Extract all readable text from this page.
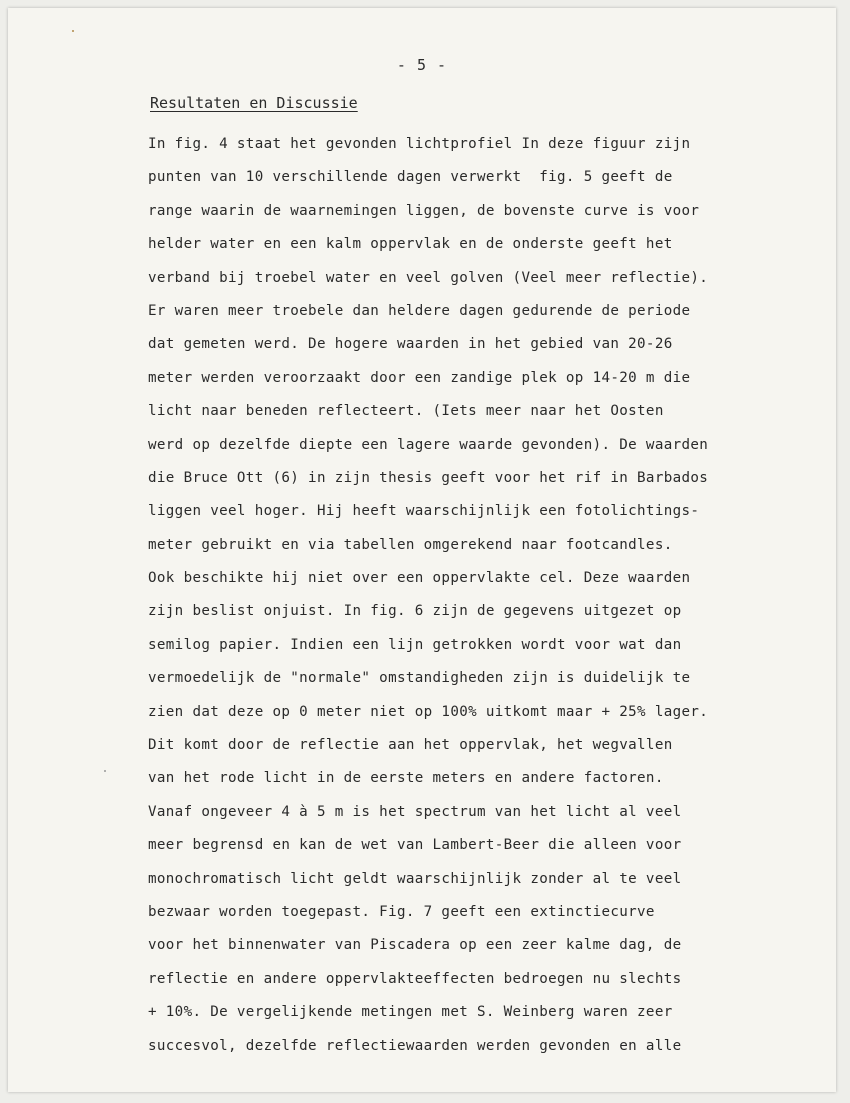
- 5 -
Resultaten en Discussie
In fig. 4 staat het gevonden lichtprofiel In deze figuur zijn
punten van 10 verschillende dagen verwerkt  fig. 5 geeft de
range waarin de waarnemingen liggen, de bovenste curve is voor
helder water en een kalm oppervlak en de onderste geeft het
verband bij troebel water en veel golven (Veel meer reflectie).
Er waren meer troebele dan heldere dagen gedurende de periode
dat gemeten werd. De hogere waarden in het gebied van 20-26
meter werden veroorzaakt door een zandige plek op 14-20 m die
licht naar beneden reflecteert. (Iets meer naar het Oosten
werd op dezelfde diepte een lagere waarde gevonden). De waarden
die Bruce Ott (6) in zijn thesis geeft voor het rif in Barbados
liggen veel hoger. Hij heeft waarschijnlijk een fotolichtings-
meter gebruikt en via tabellen omgerekend naar footcandles.
Ook beschikte hij niet over een oppervlakte cel. Deze waarden
zijn beslist onjuist. In fig. 6 zijn de gegevens uitgezet op
semilog papier. Indien een lijn getrokken wordt voor wat dan
vermoedelijk de "normale" omstandigheden zijn is duidelijk te
zien dat deze op 0 meter niet op 100% uitkomt maar + 25% lager.
Dit komt door de reflectie aan het oppervlak, het wegvallen
van het rode licht in de eerste meters en andere factoren.
Vanaf ongeveer 4 à 5 m is het spectrum van het licht al veel
meer begrensd en kan de wet van Lambert-Beer die alleen voor
monochromatisch licht geldt waarschijnlijk zonder al te veel
bezwaar worden toegepast. Fig. 7 geeft een extinctiecurve
voor het binnenwater van Piscadera op een zeer kalme dag, de
reflectie en andere oppervlakteeffecten bedroegen nu slechts
+ 10%. De vergelijkende metingen met S. Weinberg waren zeer
succesvol, dezelfde reflectiewaarden werden gevonden en alle
